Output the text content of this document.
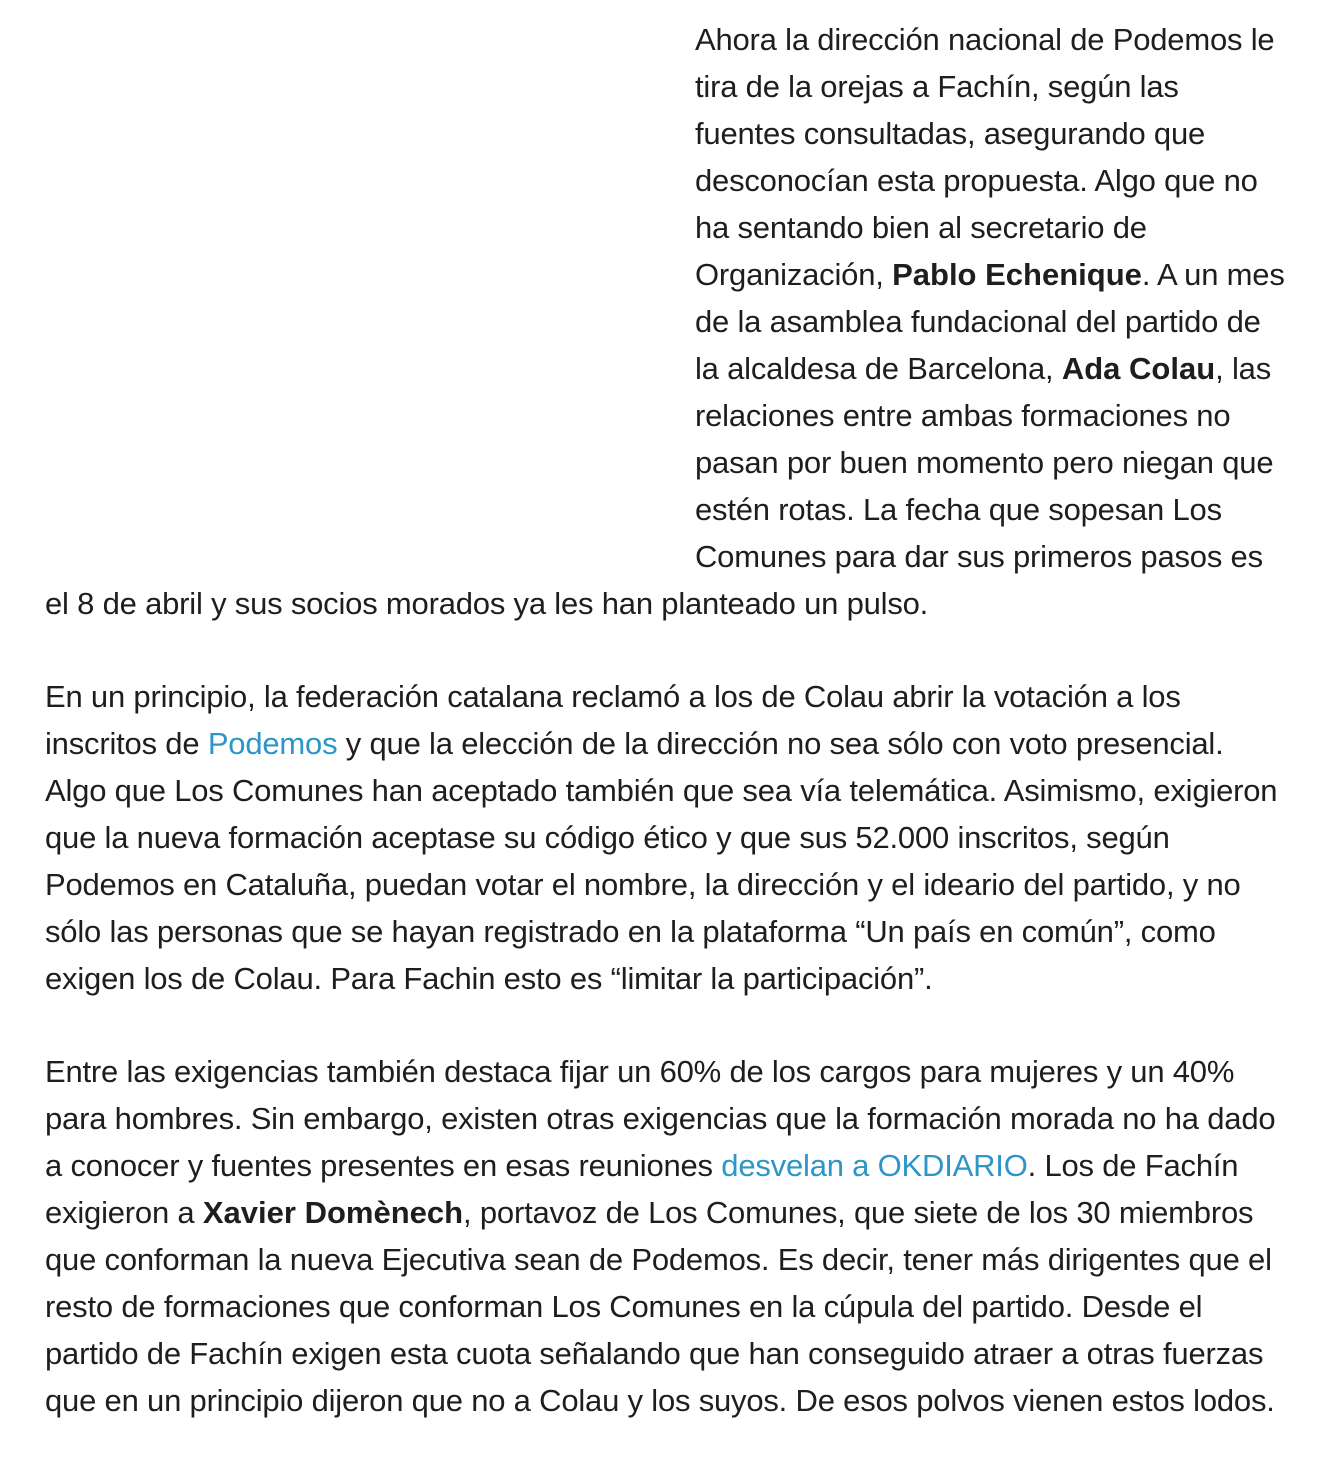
Ahora la dirección nacional de Podemos le tira de la orejas a Fachín, según las fuentes consultadas, asegurando que desconocían esta propuesta. Algo que no ha sentando bien al secretario de Organización, Pablo Echenique. A un mes de la asamblea fundacional del partido de la alcaldesa de Barcelona, Ada Colau, las relaciones entre ambas formaciones no pasan por buen momento pero niegan que estén rotas. La fecha que sopesan Los Comunes para dar sus primeros pasos es el 8 de abril y sus socios morados ya les han planteado un pulso.

En un principio, la federación catalana reclamó a los de Colau abrir la votación a los inscritos de Podemos y que la elección de la dirección no sea sólo con voto presencial. Algo que Los Comunes han aceptado también que sea vía telemática. Asimismo, exigieron que la nueva formación aceptase su código ético y que sus 52.000 inscritos, según Podemos en Cataluña, puedan votar el nombre, la dirección y el ideario del partido, y no sólo las personas que se hayan registrado en la plataforma “Un país en común”, como exigen los de Colau. Para Fachin esto es “limitar la participación”.

Entre las exigencias también destaca fijar un 60% de los cargos para mujeres y un 40% para hombres. Sin embargo, existen otras exigencias que la formación morada no ha dado a conocer y fuentes presentes en esas reuniones desvelan a OKDIARIO. Los de Fachín exigieron a Xavier Domènech, portavoz de Los Comunes, que siete de los 30 miembros que conforman la nueva Ejecutiva sean de Podemos. Es decir, tener más dirigentes que el resto de formaciones que conforman Los Comunes en la cúpula del partido. Desde el partido de Fachín exigen esta cuota señalando que han conseguido atraer a otras fuerzas que en un principio dijeron que no a Colau y los suyos. De esos polvos vienen estos lodos.
